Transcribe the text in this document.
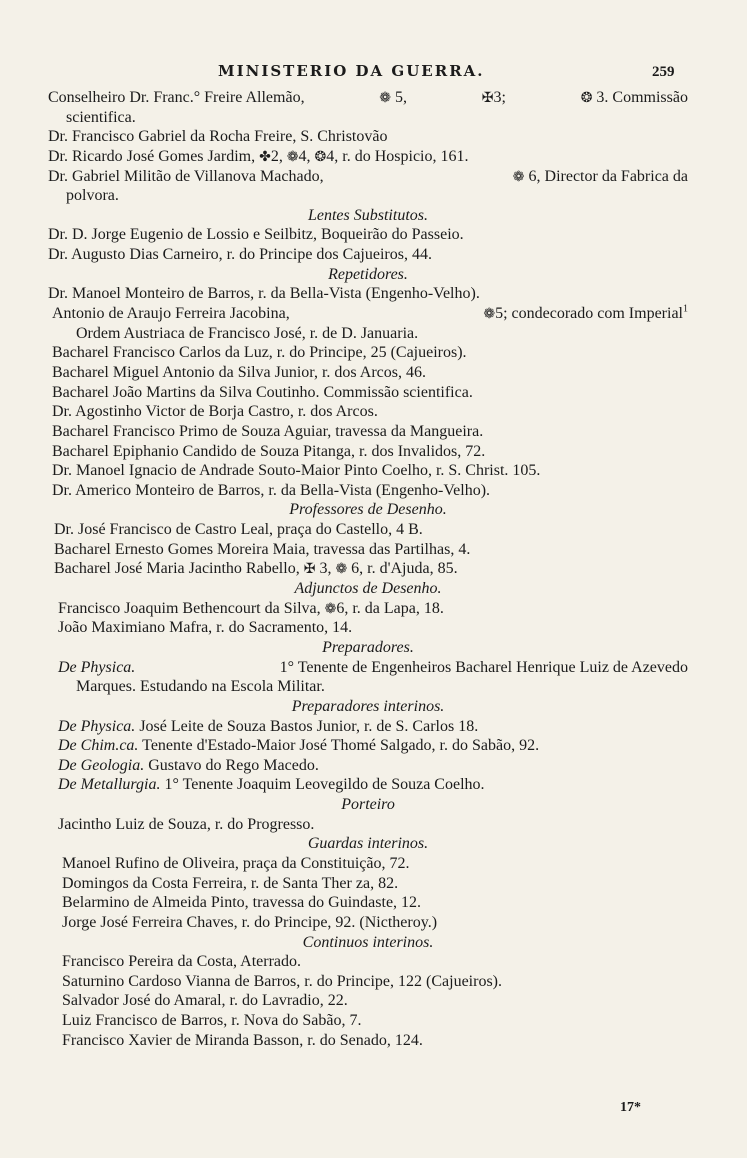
MINISTERIO DA GUERRA.	259
Conselheiro Dr. Franc.° Freire Allemão,	❁ 5,	✠3;	❂ 3. Commissão
scientifica.
Dr. Francisco Gabriel da Rocha Freire, S. Christovão
Dr. Ricardo José Gomes Jardim, ✤2, ❁4, ❂4, r. do Hospicio, 161.
Dr. Gabriel Militão de Villanova Machado,	❁ 6, Director da Fabrica da
polvora.
Lentes Substitutos.
Dr. D. Jorge Eugenio de Lossio e Seilbitz, Boqueirão do Passeio.
Dr. Augusto Dias Carneiro, r. do Principe dos Cajueiros, 44.
Repetidores.
Dr. Manoel Monteiro de Barros, r. da Bella-Vista (Engenho-Velho).
Antonio de Araujo Ferreira Jacobina,	❁5; condecorado com Imperial$^1$
Ordem Austriaca de Francisco José, r. de D. Januaria.
Bacharel Francisco Carlos da Luz, r. do Principe, 25 (Cajueiros).
Bacharel Miguel Antonio da Silva Junior, r. dos Arcos, 46.
Bacharel João Martins da Silva Coutinho. Commissão scientifica.
Dr. Agostinho Victor de Borja Castro, r. dos Arcos.
Bacharel Francisco Primo de Souza Aguiar, travessa da Mangueira.
Bacharel Epiphanio Candido de Souza Pitanga, r. dos Invalidos, 72.
Dr. Manoel Ignacio de Andrade Souto-Maior Pinto Coelho, r. S. Christ. 105.
Dr. Americo Monteiro de Barros, r. da Bella-Vista (Engenho-Velho).
Professores de Desenho.
Dr. José Francisco de Castro Leal, praça do Castello, 4 B.
Bacharel Ernesto Gomes Moreira Maia, travessa das Partilhas, 4.
Bacharel José Maria Jacintho Rabello, ✠ 3, ❁ 6, r. d'Ajuda, 85.
Adjunctos de Desenho.
Francisco Joaquim Bethencourt da Silva, ❁6, r. da Lapa, 18.
João Maximiano Mafra, r. do Sacramento, 14.
Preparadores.
De Physica.	1° Tenente de Engenheiros Bacharel Henrique Luiz de Azevedo
Marques. Estudando na Escola Militar.
Preparadores interinos.
De Physica. José Leite de Souza Bastos Junior, r. de S. Carlos 18.
De Chim.ca. Tenente d'Estado-Maior José Thomé Salgado, r. do Sabão, 92.
De Geologia. Gustavo do Rego Macedo.
De Metallurgia. 1° Tenente Joaquim Leovegildo de Souza Coelho.
Porteiro
Jacintho Luiz de Souza, r. do Progresso.
Guardas interinos.
Manoel Rufino de Oliveira, praça da Constituição, 72.
Domingos da Costa Ferreira, r. de Santa Ther za, 82.
Belarmino de Almeida Pinto, travessa do Guindaste, 12.
Jorge José Ferreira Chaves, r. do Principe, 92. (Nictheroy.)
Continuos interinos.
Francisco Pereira da Costa, Aterrado.
Saturnino Cardoso Vianna de Barros, r. do Principe, 122 (Cajueiros).
Salvador José do Amaral, r. do Lavradio, 22.
Luiz Francisco de Barros, r. Nova do Sabão, 7.
Francisco Xavier de Miranda Basson, r. do Senado, 124.
17*
